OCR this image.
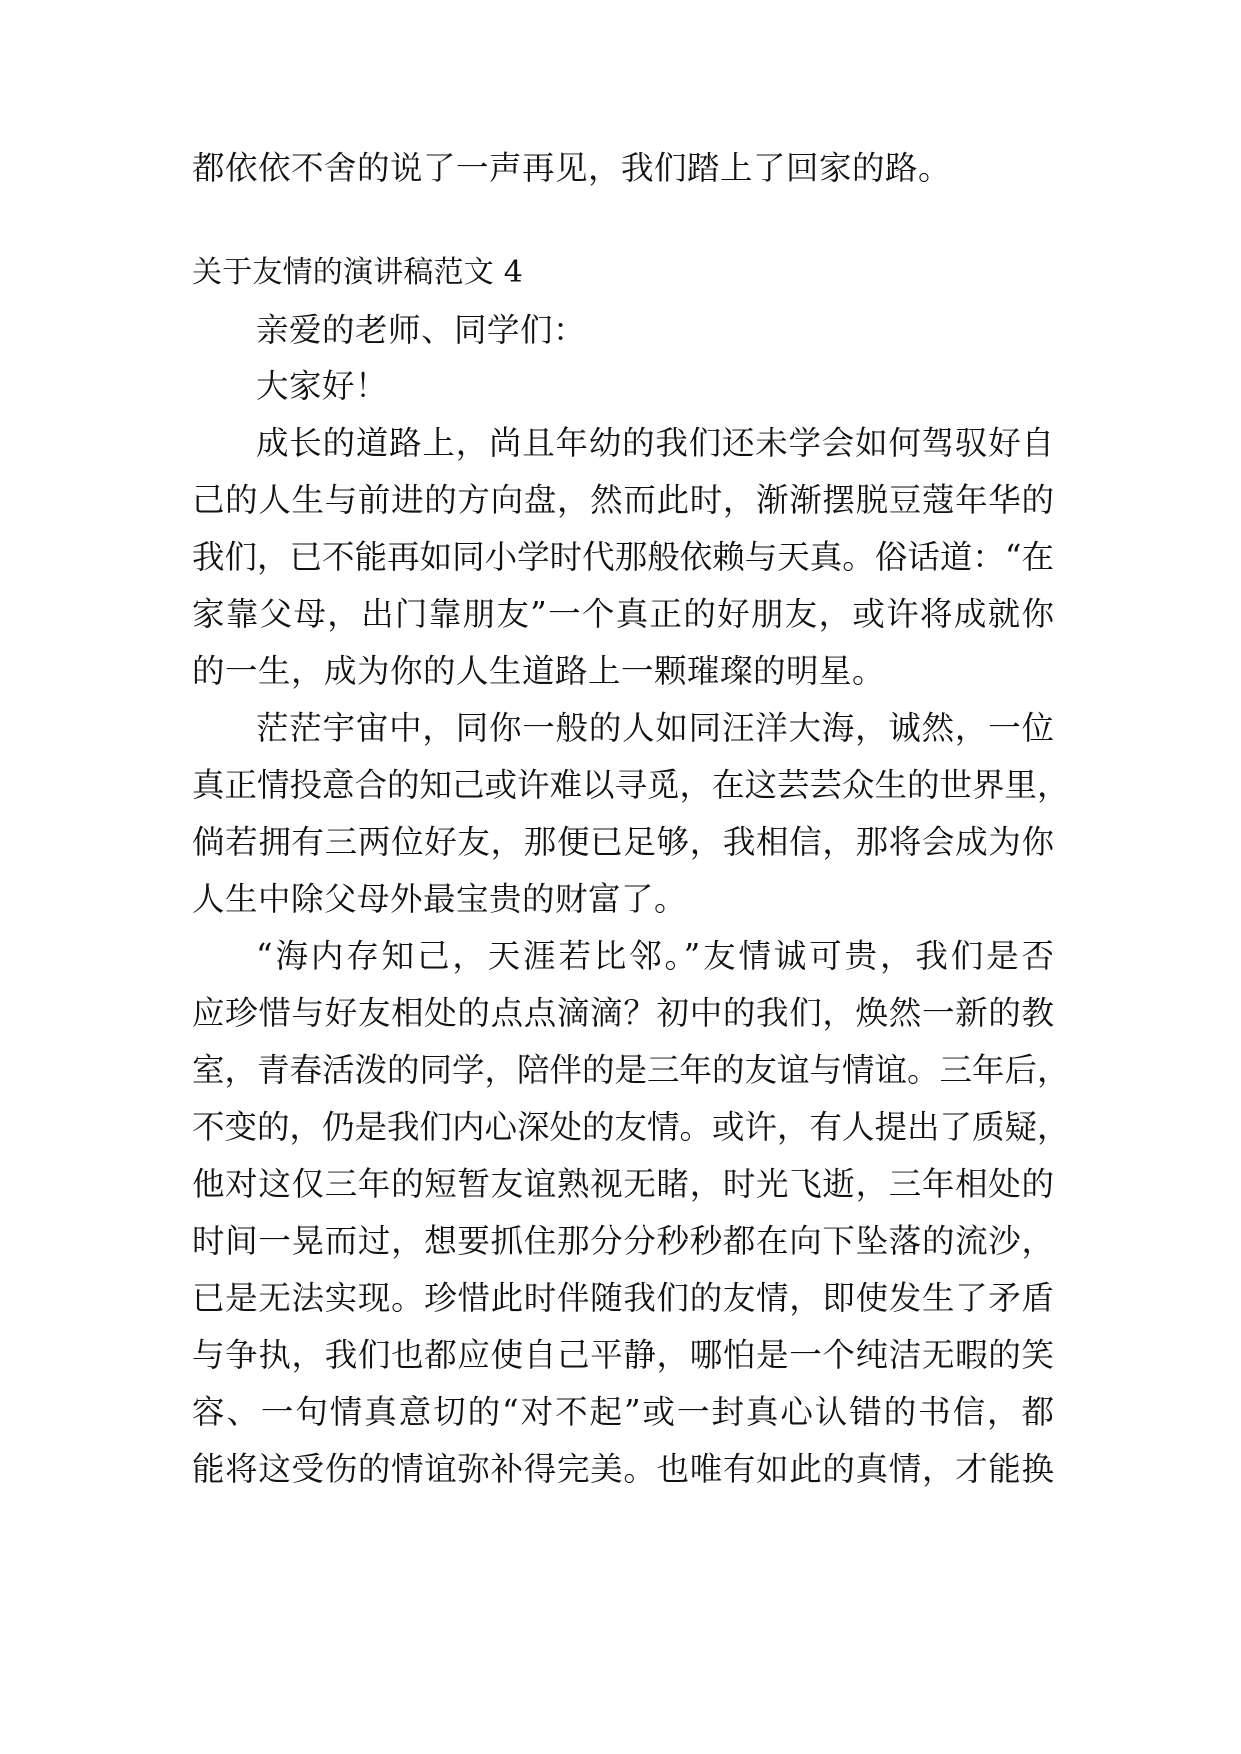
都依依不舍的说了一声再见，我们踏上了回家的路。

关于友情的演讲稿范文 4

亲爱的老师、同学们：

大家好！

成长的道路上，尚且年幼的我们还未学会如何驾驭好自

己的人生与前进的方向盘，然而此时，渐渐摆脱豆蔻年华的

我们，已不能再如同小学时代那般依赖与天真。俗话道：“在

家靠父母，出门靠朋友”一个真正的好朋友，或许将成就你

的一生，成为你的人生道路上一颗璀璨的明星。

茫茫宇宙中，同你一般的人如同汪洋大海，诚然，一位

真正情投意合的知己或许难以寻觅，在这芸芸众生的世界里，

倘若拥有三两位好友，那便已足够，我相信，那将会成为你

人生中除父母外最宝贵的财富了。

“海内存知己，天涯若比邻。”友情诚可贵，我们是否

应珍惜与好友相处的点点滴滴？初中的我们，焕然一新的教

室，青春活泼的同学，陪伴的是三年的友谊与情谊。三年后，

不变的，仍是我们内心深处的友情。或许，有人提出了质疑，

他对这仅三年的短暂友谊熟视无睹，时光飞逝，三年相处的

时间一晃而过，想要抓住那分分秒秒都在向下坠落的流沙，

已是无法实现。珍惜此时伴随我们的友情，即使发生了矛盾

与争执，我们也都应使自己平静，哪怕是一个纯洁无暇的笑

容、一句情真意切的“对不起”或一封真心认错的书信，都

能将这受伤的情谊弥补得完美。也唯有如此的真情，才能换
